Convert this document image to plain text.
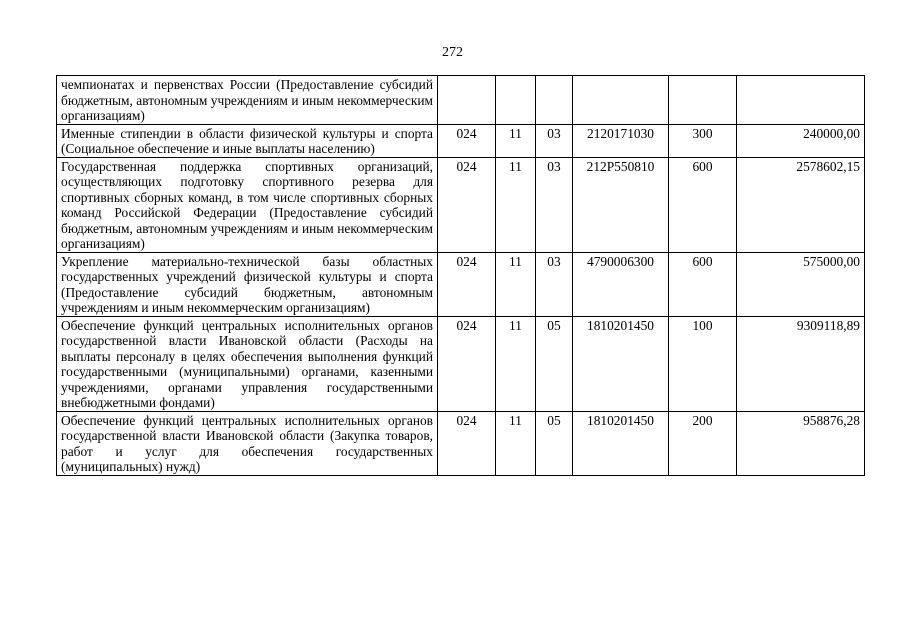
272
чемпионатах и первенствах России (Предоставление субсидий бюджетным, автономным учреждениям и иным некоммерческим организациям)						
Именные стипендии в области физической культуры и спорта (Социальное обеспечение и иные выплаты населению)	024	11	03	2120171030	300	240000,00
Государственная поддержка спортивных организаций, осуществляющих подготовку спортивного резерва для спортивных сборных команд, в том числе спортивных сборных команд Российской Федерации (Предоставление субсидий бюджетным, автономным учреждениям и иным некоммерческим организациям)	024	11	03	212P550810	600	2578602,15
Укрепление материально-технической базы областных государственных учреждений физической культуры и спорта (Предоставление субсидий бюджетным, автономным учреждениям и иным некоммерческим организациям)	024	11	03	4790006300	600	575000,00
Обеспечение функций центральных исполнительных органов государственной власти Ивановской области (Расходы на выплаты персоналу в целях обеспечения выполнения функций государственными (муниципальными) органами, казенными учреждениями, органами управления государственными внебюджетными фондами)	024	11	05	1810201450	100	9309118,89
Обеспечение функций центральных исполнительных органов государственной власти Ивановской области (Закупка товаров, работ и услуг для обеспечения государственных (муниципальных) нужд)	024	11	05	1810201450	200	958876,28
